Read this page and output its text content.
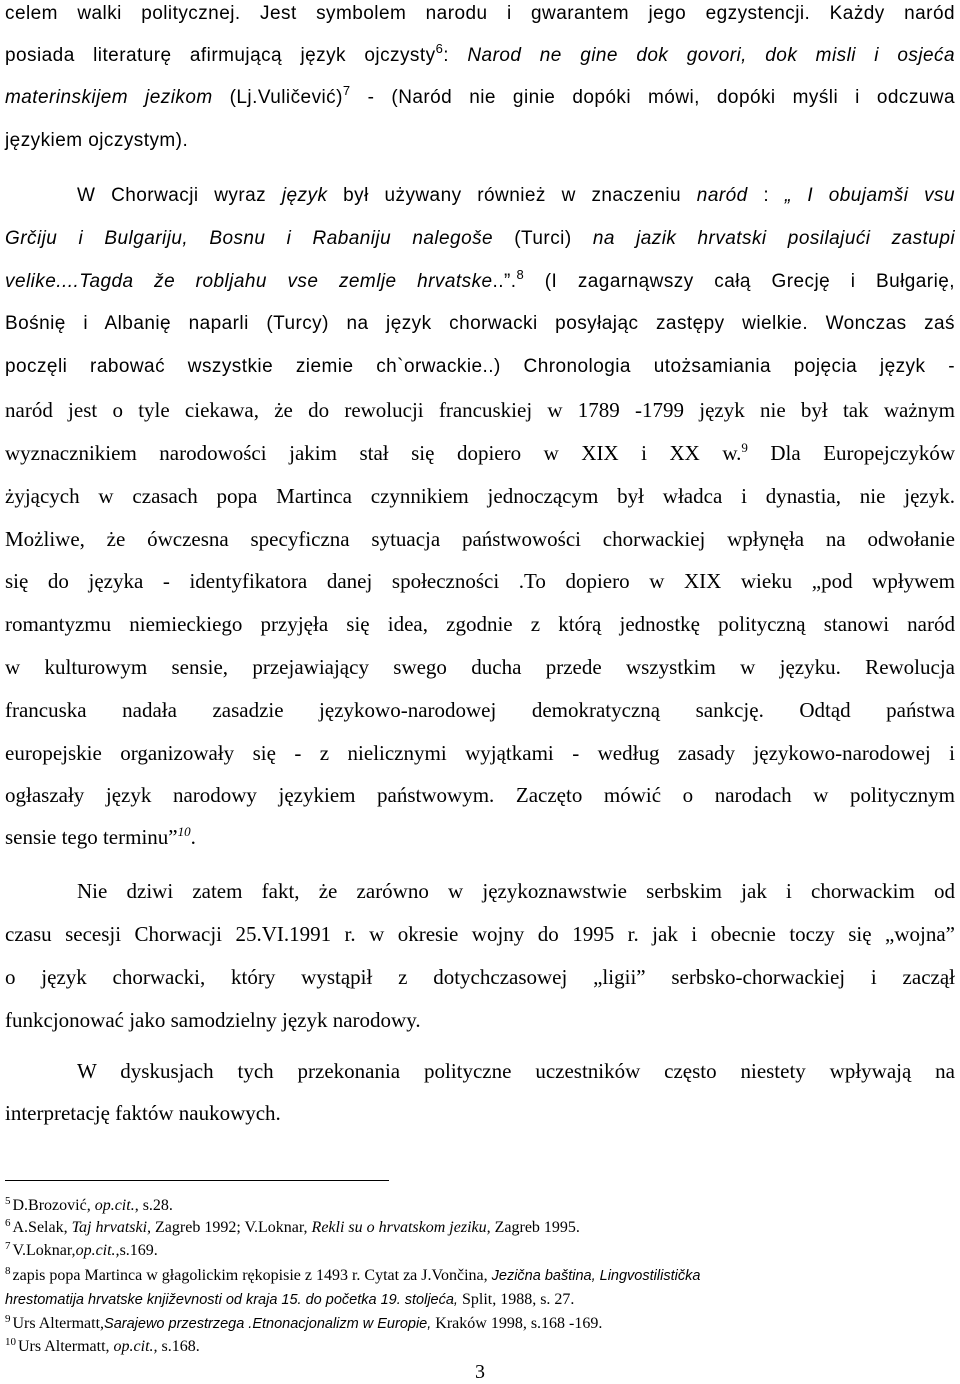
celem walki politycznej. Jest symbolem narodu i gwarantem jego egzystencji. Każdy naród
posiada literaturę afirmującą język ojczysty$^6$: Narod ne gine dok govori, dok misli i osjeća
materinskijem jezikom (Lj.Vuličević)$^7$ - (Naród nie ginie dopóki mówi, dopóki myśli i odczuwa
językiem ojczystym).
W Chorwacji wyraz język był używany również w znaczeniu naród : „ I obujamši vsu
Grčiju i Bulgariju, Bosnu i Rabaniju nalegoše (Turci) na jazik hrvatski posilajući zastupi
velike....Tagda že robljahu vse zemlje hrvatske..”.$^8$ (I zagarnąwszy całą Grecję i Bułgarię,
Bośnię i Albanię naparli (Turcy) na język chorwacki posyłając zastępy wielkie. Wonczas zaś
poczęli rabować wszystkie ziemie ch`orwackie..) Chronologia utożsamiania pojęcia język -
naród jest o tyle ciekawa, że do rewolucji francuskiej w 1789 -1799 język nie był tak ważnym
wyznacznikiem narodowości jakim stał się dopiero w XIX i XX w.$^9$ Dla Europejczyków
żyjących w czasach popa Martinca czynnikiem jednoczącym był władca i dynastia, nie język.
Możliwe, że ówczesna specyficzna sytuacja państwowości chorwackiej wpłynęła na odwołanie
się do języka - identyfikatora danej społeczności .To dopiero w XIX wieku „pod wpływem
romantyzmu niemieckiego przyjęła się idea, zgodnie z którą jednostkę polityczną stanowi naród
w kulturowym sensie, przejawiający swego ducha przede wszystkim w języku. Rewolucja
francuska nadała zasadzie językowo-narodowej demokratyczną sankcję. Odtąd państwa
europejskie organizowały się - z nielicznymi wyjątkami - według zasady językowo-narodowej i
ogłaszały język narodowy językiem państwowym. Zaczęto mówić o narodach w politycznym
sensie tego terminu”$^{10}$.
Nie dziwi zatem fakt, że zarówno w językoznawstwie serbskim jak i chorwackim od
czasu secesji Chorwacji 25.VI.1991 r. w okresie wojny do 1995 r. jak i obecnie toczy się „wojna”
o język chorwacki, który wystąpił z dotychczasowej „ligii” serbsko-chorwackiej i zaczął
funkcjonować jako samodzielny język narodowy.
W dyskusjach tych przekonania polityczne uczestników często niestety wpływają na
interpretację faktów naukowych.
$^5$ D.Brozović, op.cit., s.28.
$^6$ A.Selak, Taj hrvatski, Zagreb 1992; V.Loknar, Rekli su o hrvatskom jeziku, Zagreb 1995.
$^7$ V.Loknar,op.cit.,s.169.
$^8$ zapis popa Martinca w głagolickim rękopisie z 1493 r. Cytat za J.Vončina, Jezična baština, Lingvostilistička
hrestomatija hrvatske književnosti od kraja 15. do početka 19. stoljeća, Split, 1988, s. 27.
$^9$ Urs Altermatt,Sarajewo przestrzega .Etnonacjonalizm w Europie, Kraków 1998, s.168 -169.
$^{10}$ Urs Altermatt, op.cit., s.168.
3
